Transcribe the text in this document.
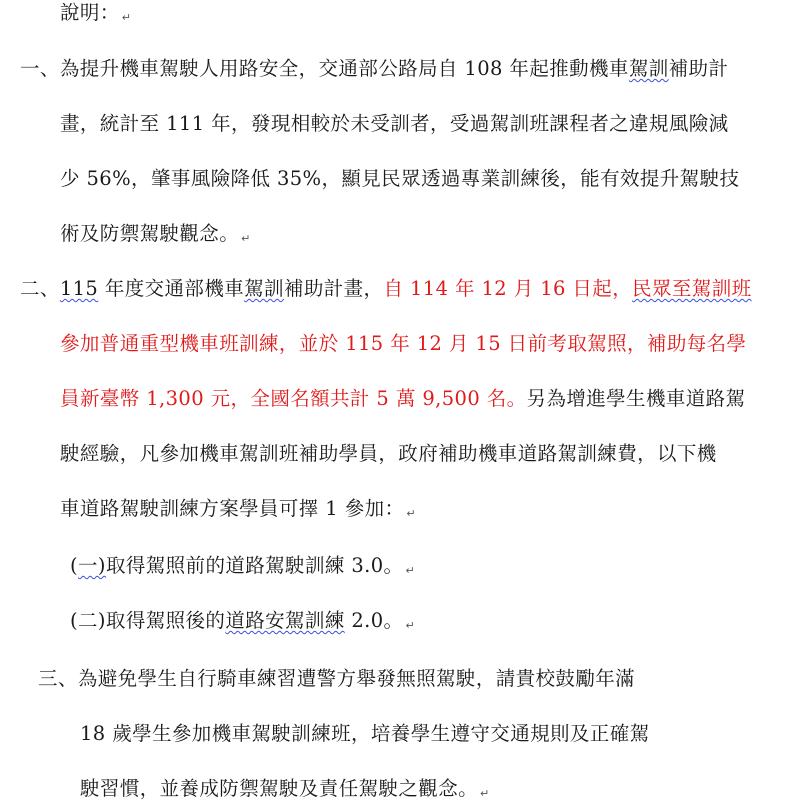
說明： ↵
一、為提升機車駕駛人用路安全，交通部公路局自 108 年起推動機車駕訓補助計
畫，統計至 111 年，發現相較於未受訓者，受過駕訓班課程者之違規風險減
少 56%，肇事風險降低 35%，顯見民眾透過專業訓練後，能有效提升駕駛技
術及防禦駕駛觀念。 ↵
二、115 年度交通部機車駕訓補助計畫，自 114 年 12 月 16 日起，民眾至駕訓班
參加普通重型機車班訓練，並於 115 年 12 月 15 日前考取駕照，補助每名學
員新臺幣 1,300 元，全國名額共計 5 萬 9,500 名。另為增進學生機車道路駕
駛經驗，凡參加機車駕訓班補助學員，政府補助機車道路駕訓練費，以下機
車道路駕駛訓練方案學員可擇 1 參加： ↵
(一)取得駕照前的道路駕駛訓練 3.0。 ↵
(二)取得駕照後的道路安駕訓練 2.0。 ↵
三、為避免學生自行騎車練習遭警方舉發無照駕駛，請貴校鼓勵年滿
18 歲學生參加機車駕駛訓練班，培養學生遵守交通規則及正確駕
駛習慣，並養成防禦駕駛及責任駕駛之觀念。 ↵
